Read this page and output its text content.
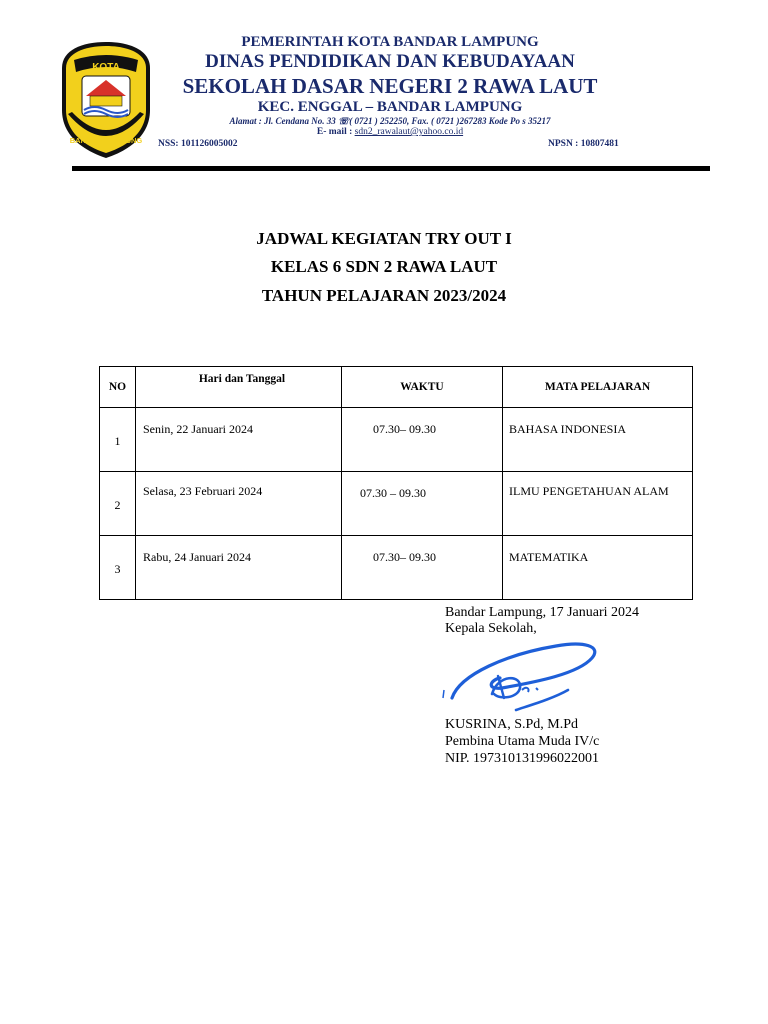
KOTA
BANDAR LAMPUNG
PEMERINTAH KOTA BANDAR LAMPUNG
DINAS PENDIDIKAN DAN KEBUDAYAAN
SEKOLAH DASAR NEGERI 2 RAWA LAUT
KEC. ENGGAL – BANDAR LAMPUNG
Alamat : Jl. Cendana No. 33 ☏( 0721 ) 252250, Fax. ( 0721 )267283 Kode Po s 35217
E- mail : sdn2_rawalaut@yahoo.co.id
NSS: 101126005002	NPSN : 10807481
JADWAL KEGIATAN TRY OUT I
KELAS 6 SDN 2 RAWA LAUT
TAHUN PELAJARAN 2023/2024
NO	Hari dan Tanggal	WAKTU	MATA PELAJARAN
1	Senin, 22 Januari 2024	07.30– 09.30	BAHASA INDONESIA
2	Selasa, 23 Februari 2024	07.30 – 09.30	ILMU PENGETAHUAN ALAM
3	Rabu, 24 Januari 2024	07.30– 09.30	MATEMATIKA
Bandar Lampung, 17 Januari 2024
Kepala Sekolah,
KUSRINA, S.Pd, M.Pd
Pembina Utama Muda IV/c
NIP. 197310131996022001
